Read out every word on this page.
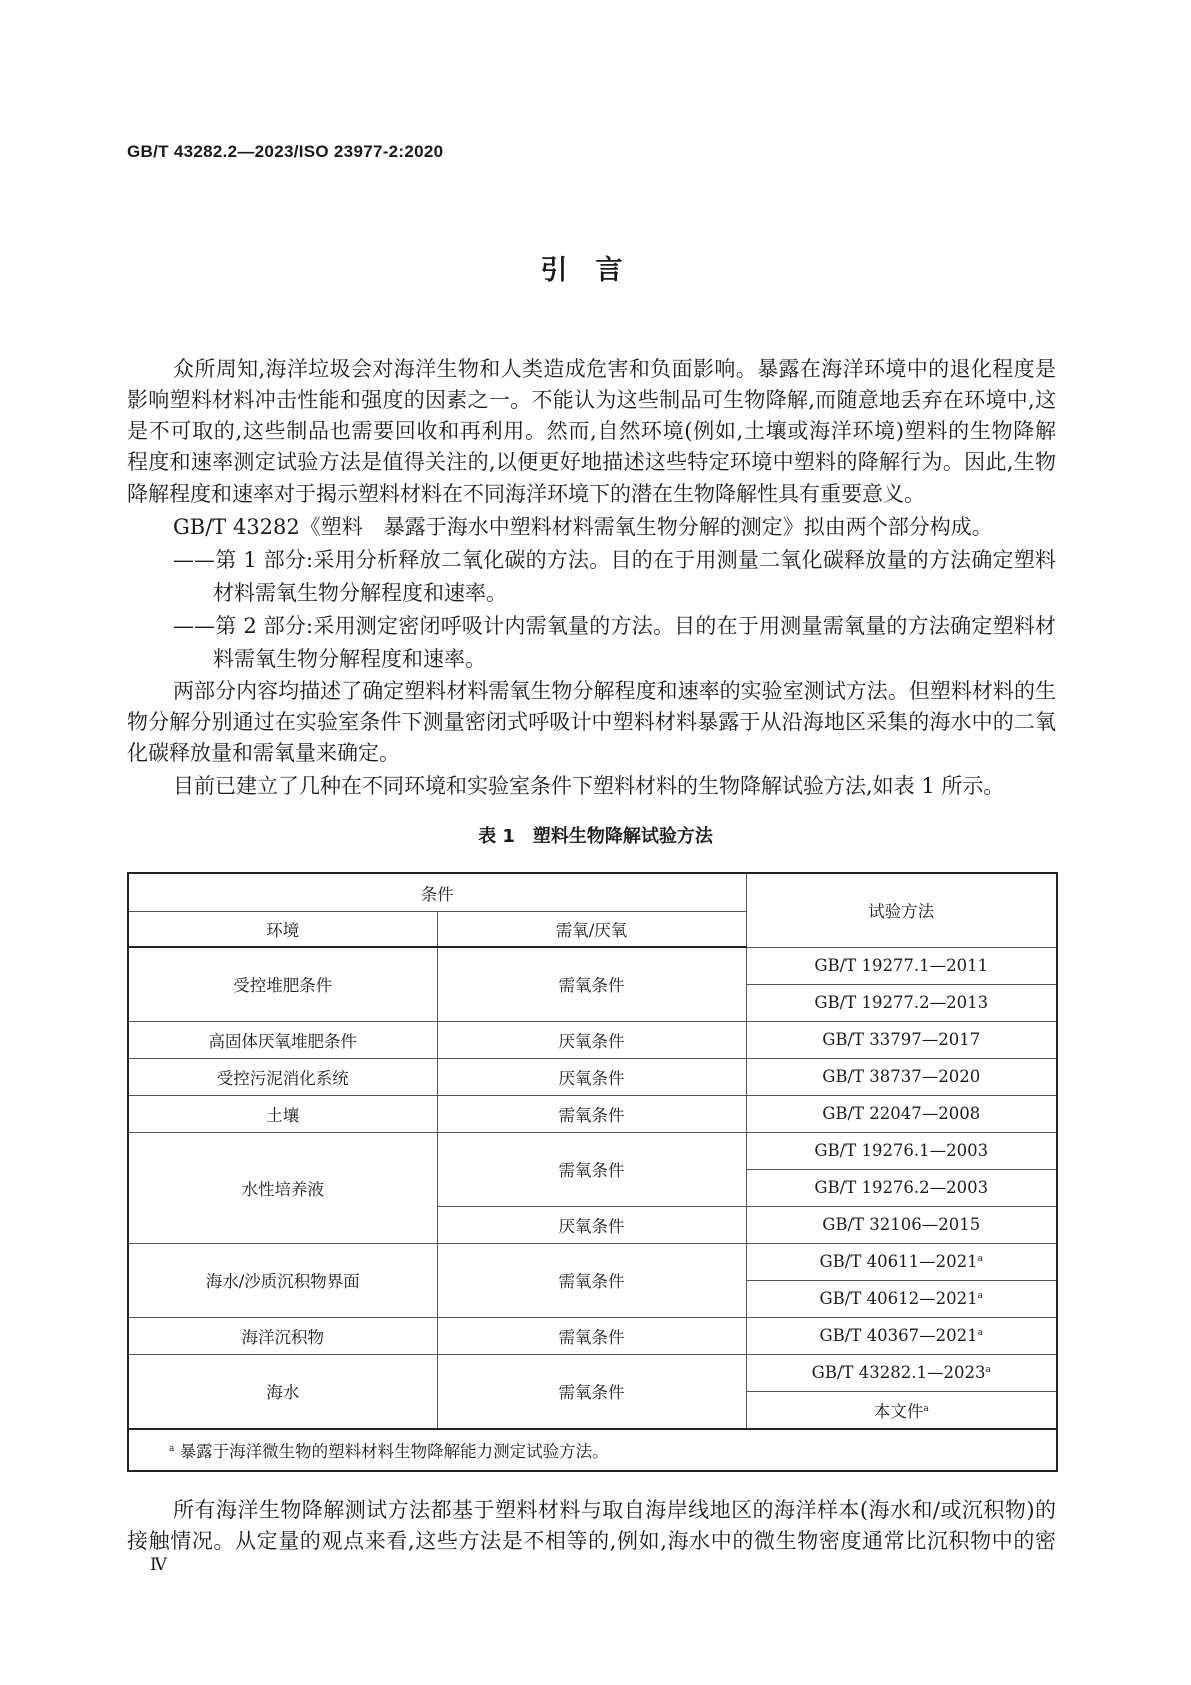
GB/T 43282.2—2023/ISO 23977-2:2020
引言
众所周知,海洋垃圾会对海洋生物和人类造成危害和负面影响。暴露在海洋环境中的退化程度是
影响塑料材料冲击性能和强度的因素之一。不能认为这些制品可生物降解,而随意地丢弃在环境中,这
是不可取的,这些制品也需要回收和再利用。然而,自然环境(例如,土壤或海洋环境)塑料的生物降解
程度和速率测定试验方法是值得关注的,以便更好地描述这些特定环境中塑料的降解行为。因此,生物
降解程度和速率对于揭示塑料材料在不同海洋环境下的潜在生物降解性具有重要意义。
GB/T 43282《塑料　暴露于海水中塑料材料需氧生物分解的测定》拟由两个部分构成。
——第 1 部分:采用分析释放二氧化碳的方法。目的在于用测量二氧化碳释放量的方法确定塑料
材料需氧生物分解程度和速率。
——第 2 部分:采用测定密闭呼吸计内需氧量的方法。目的在于用测量需氧量的方法确定塑料材
料需氧生物分解程度和速率。
两部分内容均描述了确定塑料材料需氧生物分解程度和速率的实验室测试方法。但塑料材料的生
物分解分别通过在实验室条件下测量密闭式呼吸计中塑料材料暴露于从沿海地区采集的海水中的二氧
化碳释放量和需氧量来确定。
目前已建立了几种在不同环境和实验室条件下塑料材料的生物降解试验方法,如表 1 所示。
表 1　塑料生物降解试验方法
条件		试验方法
环境	需氧/厌氧	
受控堆肥条件	需氧条件	GB/T 19277.1—2011
		GB/T 19277.2—2013
高固体厌氧堆肥条件	厌氧条件	GB/T 33797—2017
受控污泥消化系统	厌氧条件	GB/T 38737—2020
土壤	需氧条件	GB/T 22047—2008
水性培养液	需氧条件	GB/T 19276.1—2003
		GB/T 19276.2—2003
	厌氧条件	GB/T 32106—2015
海水/沙质沉积物界面	需氧条件	GB/T 40611—2021$^a$
		GB/T 40612—2021$^a$
海洋沉积物	需氧条件	GB/T 40367—2021$^a$
海水	需氧条件	GB/T 43282.1—2023$^a$
		本文件$^a$
$^a$ 暴露于海洋微生物的塑料材料生物降解能力测定试验方法。		
所有海洋生物降解测试方法都基于塑料材料与取自海岸线地区的海洋样本(海水和/或沉积物)的
接触情况。从定量的观点来看,这些方法是不相等的,例如,海水中的微生物密度通常比沉积物中的密
Ⅳ
